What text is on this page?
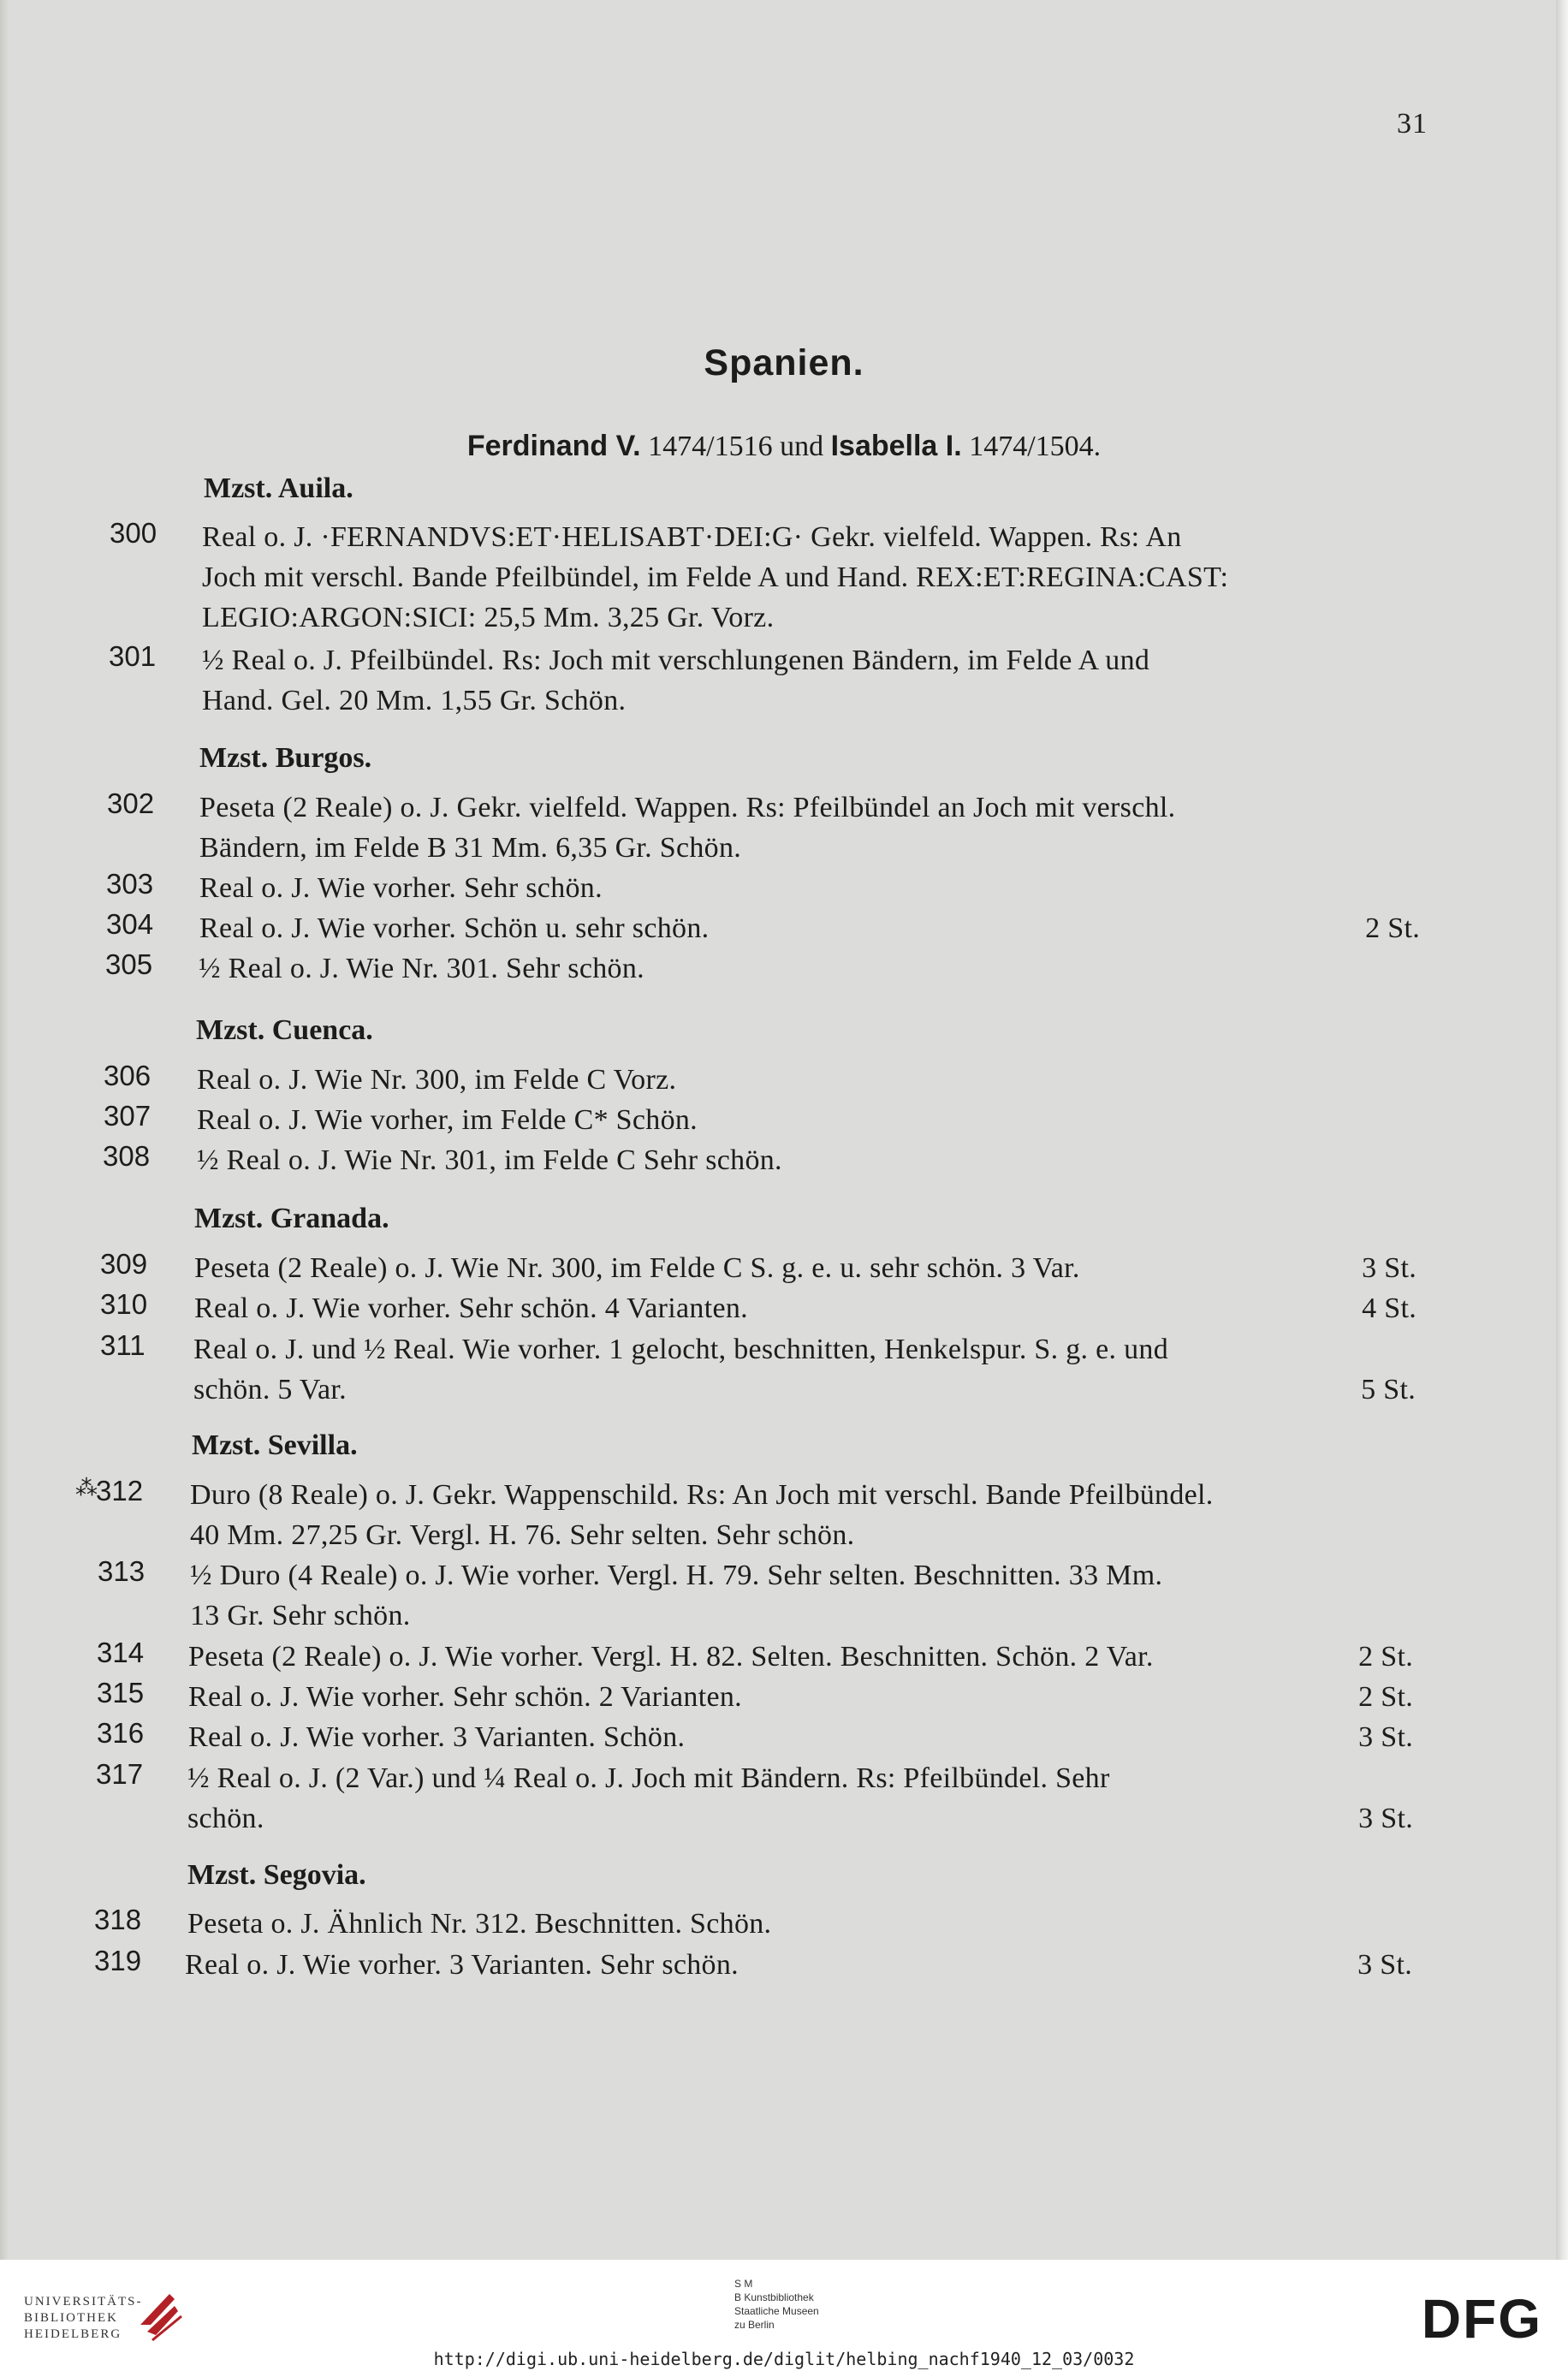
31
Spanien.
Ferdinand V. 1474/1516 und Isabella I. 1474/1504.
Mzst. Auila.
Mzst. Burgos.
Mzst. Cuenca.
Mzst. Granada.
Mzst. Sevilla.
Mzst. Segovia.
300	Real o. J. ·FERNANDVS:ET·HELISABT·DEI:G· Gekr. vielfeld. Wappen. Rs: An
Joch mit verschl. Bande Pfeilbündel, im Felde A und Hand. REX:ET:REGINA:CAST:
LEGIO:ARGON:SICI: 25,5 Mm. 3,25 Gr. Vorz.
301	½ Real o. J. Pfeilbündel. Rs: Joch mit verschlungenen Bändern, im Felde A und
Hand. Gel. 20 Mm. 1,55 Gr. Schön.
302	Peseta (2 Reale) o. J. Gekr. vielfeld. Wappen. Rs: Pfeilbündel an Joch mit verschl.
Bändern, im Felde B 31 Mm. 6,35 Gr. Schön.
303	Real o. J. Wie vorher. Sehr schön.
304	Real o. J. Wie vorher. Schön u. sehr schön.	2 St.
305	½ Real o. J. Wie Nr. 301. Sehr schön.
306	Real o. J. Wie Nr. 300, im Felde C Vorz.
307	Real o. J. Wie vorher, im Felde C* Schön.
308	½ Real o. J. Wie Nr. 301, im Felde C Sehr schön.
309	Peseta (2 Reale) o. J. Wie Nr. 300, im Felde C S. g. e. u. sehr schön. 3 Var.	3 St.
310	Real o. J. Wie vorher. Sehr schön. 4 Varianten.	4 St.
311	Real o. J. und ½ Real. Wie vorher. 1 gelocht, beschnitten, Henkelspur. S. g. e. und
schön. 5 Var.	5 St.
⁂312	Duro (8 Reale) o. J. Gekr. Wappenschild. Rs: An Joch mit verschl. Bande Pfeilbündel.
40 Mm. 27,25 Gr. Vergl. H. 76. Sehr selten. Sehr schön.
313	½ Duro (4 Reale) o. J. Wie vorher. Vergl. H. 79. Sehr selten. Beschnitten. 33 Mm.
13 Gr. Sehr schön.
314	Peseta (2 Reale) o. J. Wie vorher. Vergl. H. 82. Selten. Beschnitten. Schön. 2 Var.	2 St.
315	Real o. J. Wie vorher. Sehr schön. 2 Varianten.	2 St.
316	Real o. J. Wie vorher. 3 Varianten. Schön.	3 St.
317	½ Real o. J. (2 Var.) und ¼ Real o. J. Joch mit Bändern. Rs: Pfeilbündel. Sehr
schön.	3 St.
318	Peseta o. J. Ähnlich Nr. 312. Beschnitten. Schön.
319	Real o. J. Wie vorher. 3 Varianten. Sehr schön.	3 St.
UNIVERSITÄTS-
BIBLIOTHEK
HEIDELBERG
S M
B Kunstbibliothek
Staatliche Museen
zu Berlin	DFG
http://digi.ub.uni-heidelberg.de/diglit/helbing_nachf1940_12_03/0032
